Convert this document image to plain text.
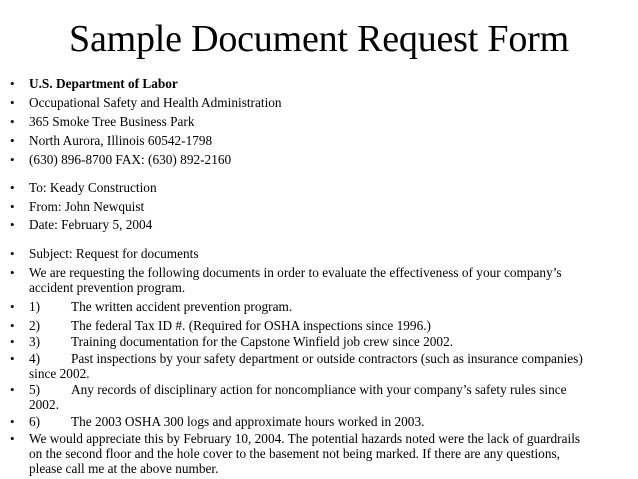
Sample Document Request Form
•	U.S. Department of Labor
•	Occupational Safety and Health Administration
•	365 Smoke Tree Business Park
•	North Aurora, Illinois 60542-1798
•	(630) 896-8700 FAX: (630) 892-2160
•	To: Keady Construction
•	From: John Newquist
•	Date: February 5, 2004
•	Subject: Request for documents
•	We are requesting the following documents in order to evaluate the effectiveness of your company’s
accident prevention program.
•	1) The written accident prevention program.
•	2) The federal Tax ID #. (Required for OSHA inspections since 1996.)
•	3) Training documentation for the Capstone Winfield job crew since 2002.
•	4) Past inspections by your safety department or outside contractors (such as insurance companies)
since 2002.
•	5) Any records of disciplinary action for noncompliance with your company’s safety rules since
2002.
•	6) The 2003 OSHA 300 logs and approximate hours worked in 2003.
•	We would appreciate this by February 10, 2004. The potential hazards noted were the lack of guardrails
on the second floor and the hole cover to the basement not being marked. If there are any questions,
please call me at the above number.
